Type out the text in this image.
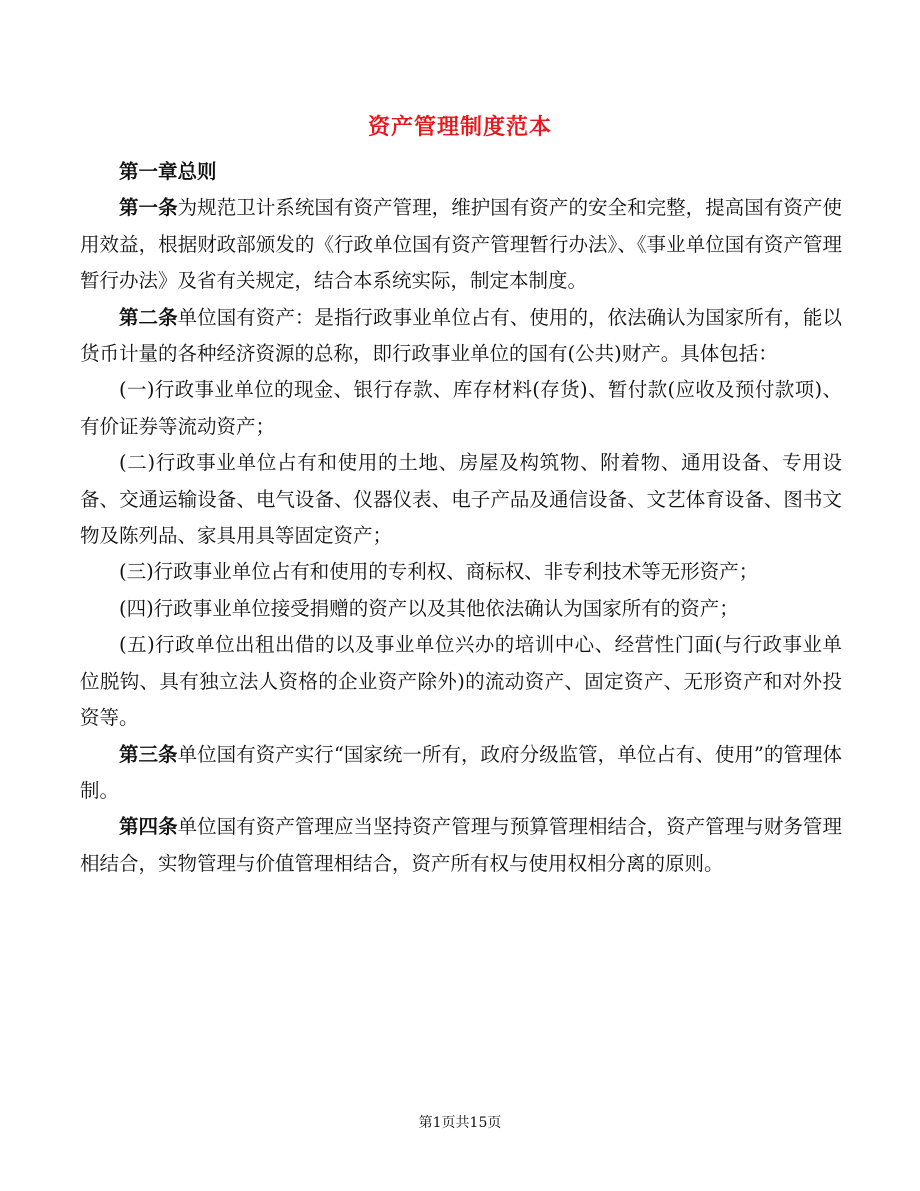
资产管理制度范本

第一章总则

第一条为规范卫计系统国有资产管理，维护国有资产的安全和完整，提高国有资产使用效益，根据财政部颁发的《行政单位国有资产管理暂行办法》、《事业单位国有资产管理暂行办法》及省有关规定，结合本系统实际，制定本制度。

第二条单位国有资产：是指行政事业单位占有、使用的，依法确认为国家所有，能以货币计量的各种经济资源的总称，即行政事业单位的国有(公共)财产。具体包括：

(一)行政事业单位的现金、银行存款、库存材料(存货)、暂付款(应收及预付款项)、有价证券等流动资产；

(二)行政事业单位占有和使用的土地、房屋及构筑物、附着物、通用设备、专用设备、交通运输设备、电气设备、仪器仪表、电子产品及通信设备、文艺体育设备、图书文物及陈列品、家具用具等固定资产；

(三)行政事业单位占有和使用的专利权、商标权、非专利技术等无形资产；

(四)行政事业单位接受捐赠的资产以及其他依法确认为国家所有的资产；

(五)行政单位出租出借的以及事业单位兴办的培训中心、经营性门面(与行政事业单位脱钩、具有独立法人资格的企业资产除外)的流动资产、固定资产、无形资产和对外投资等。

第三条单位国有资产实行“国家统一所有，政府分级监管，单位占有、使用”的管理体制。

第四条单位国有资产管理应当坚持资产管理与预算管理相结合，资产管理与财务管理相结合，实物管理与价值管理相结合，资产所有权与使用权相分离的原则。

第1页共15页
